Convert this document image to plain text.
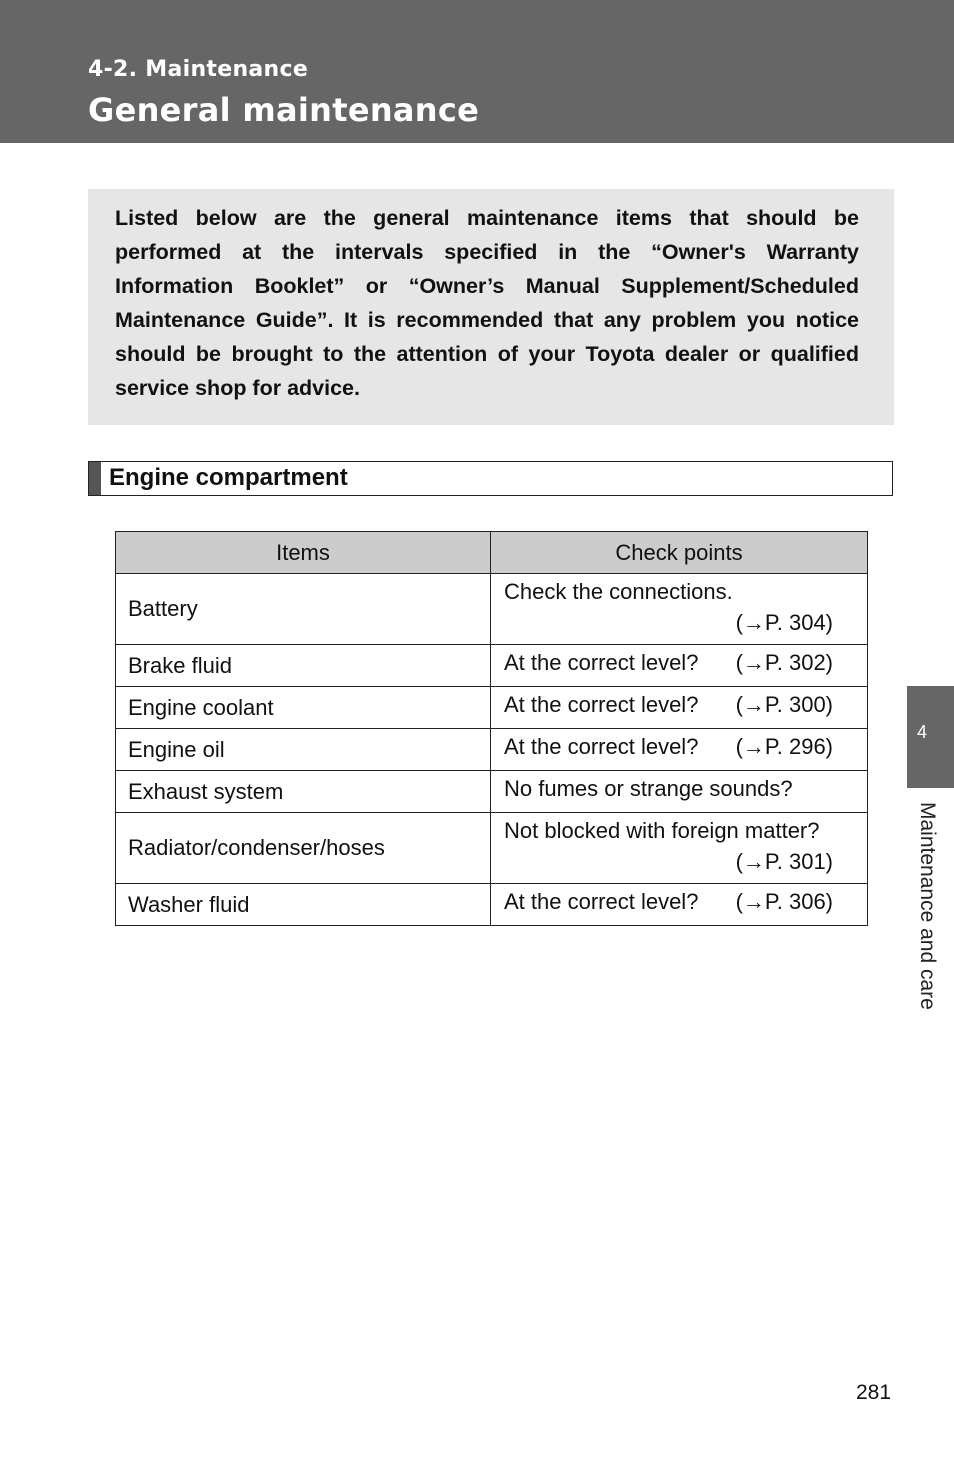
4-2. Maintenance
General maintenance

Listed below are the general maintenance items that should be performed at the intervals specified in the “Owner's Warranty Information Booklet” or “Owner’s Manual Supplement/Scheduled Maintenance Guide”. It is recommended that any problem you notice should be brought to the attention of your Toyota dealer or qualified service shop for advice.

Engine compartment
Items	Check points
Battery	Check the connections.
(→P. 304)

Brake fluid	At the correct level? (→P. 302)

Engine coolant	At the correct level? (→P. 300)

Engine oil	At the correct level? (→P. 296)

Exhaust system	No fumes or strange sounds?

Radiator/condenser/hoses	Not blocked with foreign matter?
(→P. 301)

Washer fluid	At the correct level? (→P. 306)
4
Maintenance and care
281
